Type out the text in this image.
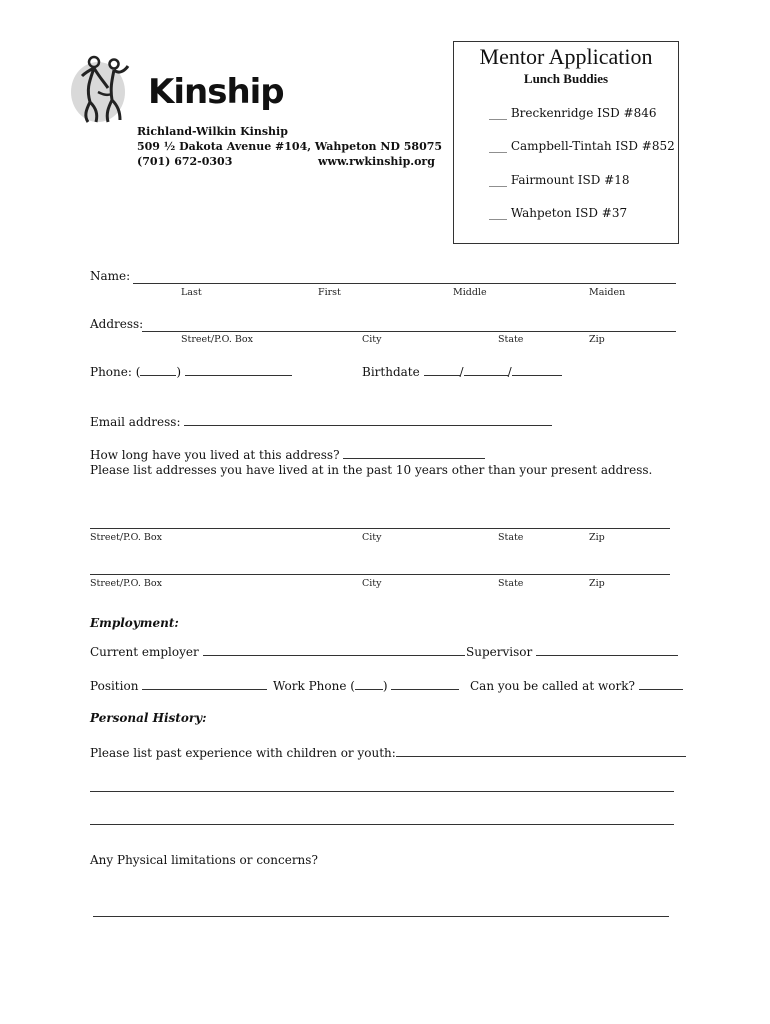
Kinship
Richland-Wilkin Kinship
509 ½ Dakota Avenue #104, Wahpeton ND 58075
(701) 672-0303	www.rwkinship.org
Mentor Application
Lunch Buddies
___ Breckenridge ISD #846
___ Campbell-Tintah ISD #852
___ Fairmount ISD #18
___ Wahpeton ISD #37
Name:
Last	First	Middle	Maiden
Address:
Street/P.O. Box	City	State	Zip
Phone: (	)	Birthdate	/	/
Email address:
How long have you lived at this address?
Please list addresses you have lived at in the past 10 years other than your present address.
Street/P.O. Box	City	State	Zip
Street/P.O. Box	City	State	Zip
Employment:
Current employer	Supervisor
Position	Work Phone ( )	Can you be called at work?
Personal History:
Please list past experience with children or youth:
Any Physical limitations or concerns?
